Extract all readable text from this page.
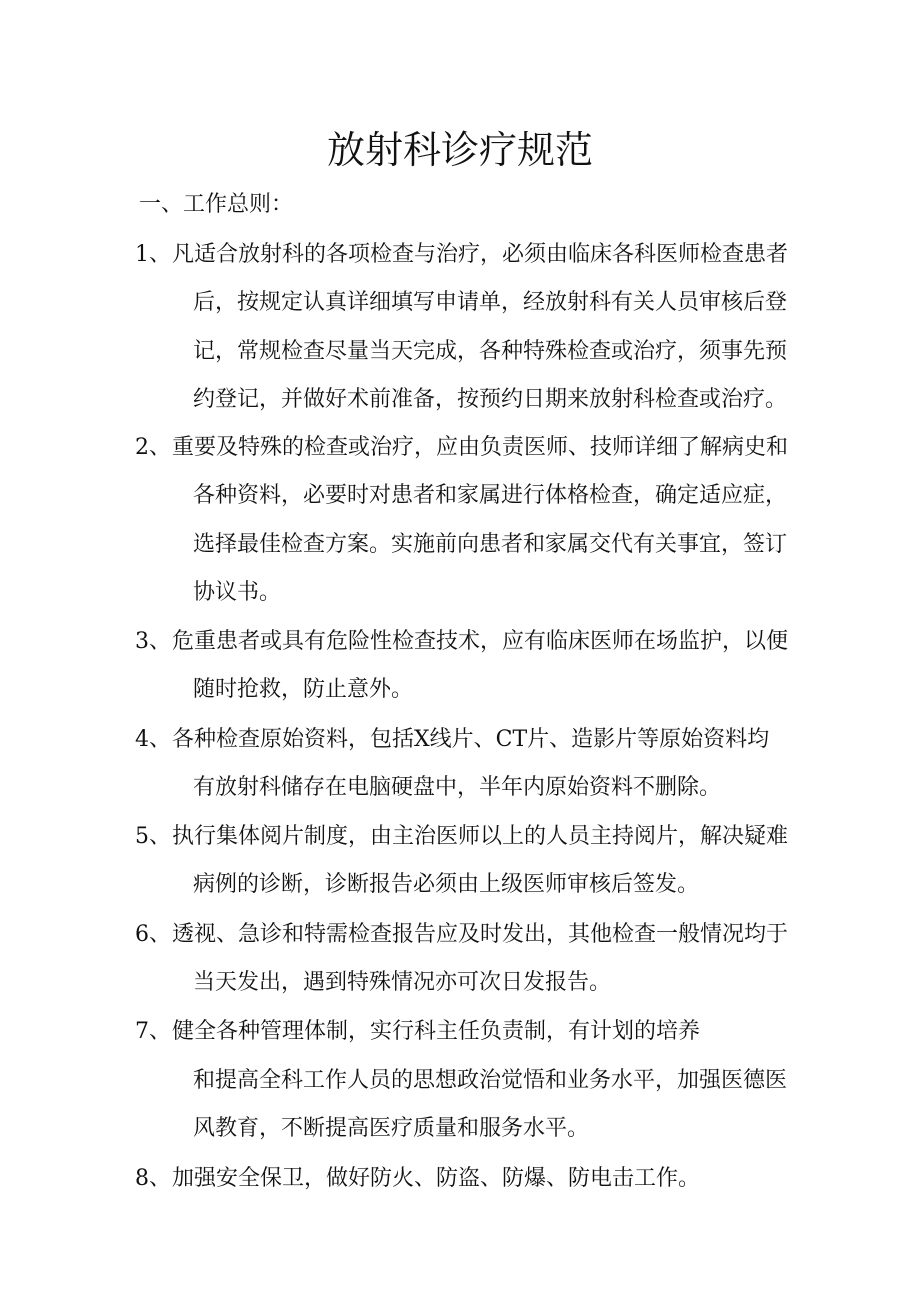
放射科诊疗规范
一、工作总则：
1、 凡适合放射科的各项检查与治疗，必须由临床各科医师检查患者
后，按规定认真详细填写申请单，经放射科有关人员审核后登
记，常规检查尽量当天完成，各种特殊检查或治疗，须事先预
约登记，并做好术前准备，按预约日期来放射科检查或治疗。
2、 重要及特殊的检查或治疗，应由负责医师、技师详细了解病史和
各种资料，必要时对患者和家属进行体格检查，确定适应症，
选择最佳检查方案。实施前向患者和家属交代有关事宜，签订
协议书。
3、 危重患者或具有危险性检查技术，应有临床医师在场监护，以便
随时抢救，防止意外。
4、 各种检查原始资料，包括X线片、CT片、造影片等原始资料均
有放射科储存在电脑硬盘中，半年内原始资料不删除。
5、 执行集体阅片制度，由主治医师以上的人员主持阅片，解决疑难
病例的诊断，诊断报告必须由上级医师审核后签发。
6、 透视、急诊和特需检查报告应及时发出，其他检查一般情况均于
当天发出，遇到特殊情况亦可次日发报告。
7、 健全各种管理体制，实行科主任负责制，有计划的培养
和提高全科工作人员的思想政治觉悟和业务水平，加强医德医
风教育，不断提高医疗质量和服务水平。
8、 加强安全保卫，做好防火、防盗、防爆、防电击工作。
